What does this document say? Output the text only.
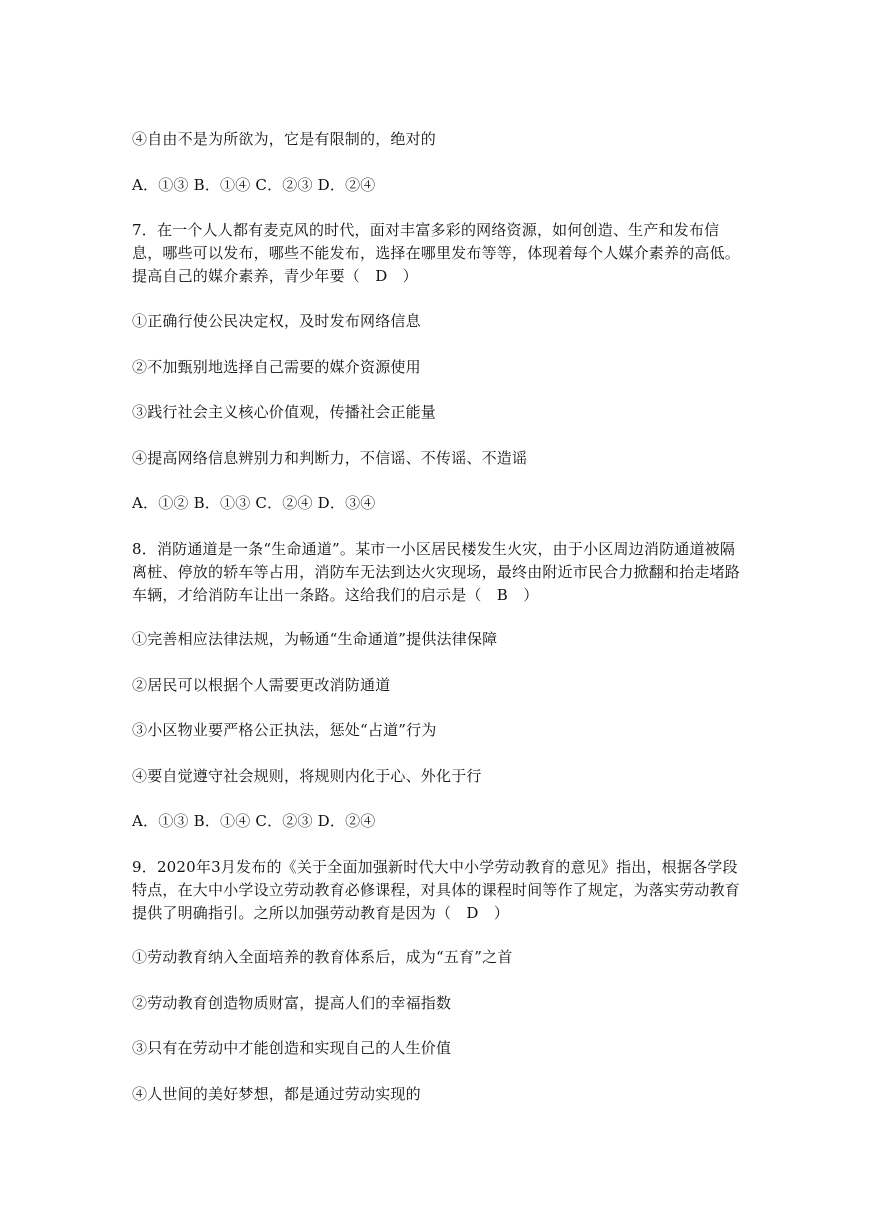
④自由不是为所欲为，它是有限制的，绝对的
A．①③ B．①④ C．②③ D．②④
7．在一个人人都有麦克风的时代，面对丰富多彩的网络资源，如何创造、生产和发布信息，哪些可以发布，哪些不能发布，选择在哪里发布等等，体现着每个人媒介素养的高低。提高自己的媒介素养，青少年要（　D　）
①正确行使公民决定权，及时发布网络信息
②不加甄别地选择自己需要的媒介资源使用
③践行社会主义核心价值观，传播社会正能量
④提高网络信息辨别力和判断力，不信谣、不传谣、不造谣
A．①② B．①③ C．②④ D．③④
8．消防通道是一条“生命通道”。某市一小区居民楼发生火灾，由于小区周边消防通道被隔离桩、停放的轿车等占用，消防车无法到达火灾现场，最终由附近市民合力掀翻和抬走堵路车辆，才给消防车让出一条路。这给我们的启示是（　B　）
①完善相应法律法规，为畅通“生命通道”提供法律保障
②居民可以根据个人需要更改消防通道
③小区物业要严格公正执法，惩处“占道”行为
④要自觉遵守社会规则，将规则内化于心、外化于行
A．①③ B．①④ C．②③ D．②④
9．2020年3月发布的《关于全面加强新时代大中小学劳动教育的意见》指出，根据各学段特点，在大中小学设立劳动教育必修课程，对具体的课程时间等作了规定，为落实劳动教育提供了明确指引。之所以加强劳动教育是因为（　D　）
①劳动教育纳入全面培养的教育体系后，成为“五育”之首
②劳动教育创造物质财富，提高人们的幸福指数
③只有在劳动中才能创造和实现自己的人生价值
④人世间的美好梦想，都是通过劳动实现的
